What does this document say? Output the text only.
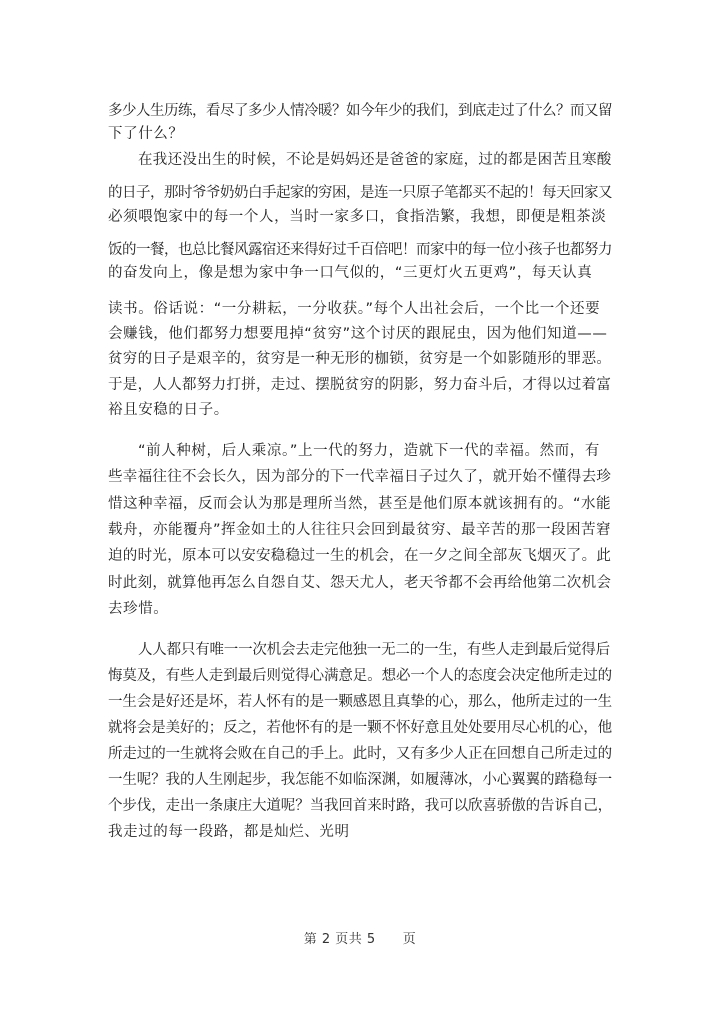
多少人生历练，看尽了多少人情冷暖？如今年少的我们，到底走过了什么？而又留
下了什么？
在我还没出生的时候，不论是妈妈还是爸爸的家庭，过的都是困苦且寒酸
的日子，那时爷爷奶奶白手起家的穷困，是连一只原子笔都买不起的！每天回家又
必须喂饱家中的每一个人，当时一家多口，食指浩繁，我想，即便是粗茶淡
饭的一餐，也总比餐风露宿还来得好过千百倍吧！而家中的每一位小孩子也都努力
的奋发向上，像是想为家中争一口气似的，“三更灯火五更鸡”，每天认真
读书。俗话说：“一分耕耘，一分收获。”每个人出社会后，一个比一个还要
会赚钱，他们都努力想要甩掉“贫穷”这个讨厌的跟屁虫，因为他们知道——
贫穷的日子是艰辛的，贫穷是一种无形的枷锁，贫穷是一个如影随形的罪恶。
于是，人人都努力打拼，走过、摆脱贫穷的阴影，努力奋斗后，才得以过着富
裕且安稳的日子。
“前人种树，后人乘凉。”上一代的努力，造就下一代的幸福。然而，有
些幸福往往不会长久，因为部分的下一代幸福日子过久了，就开始不懂得去珍
惜这种幸福，反而会认为那是理所当然，甚至是他们原本就该拥有的。“水能
载舟，亦能覆舟”挥金如土的人往往只会回到最贫穷、最辛苦的那一段困苦窘
迫的时光，原本可以安安稳稳过一生的机会，在一夕之间全部灰飞烟灭了。此
时此刻，就算他再怎么自怨自艾、怨天尤人，老天爷都不会再给他第二次机会
去珍惜。
人人都只有唯一一次机会去走完他独一无二的一生，有些人走到最后觉得后
悔莫及，有些人走到最后则觉得心满意足。想必一个人的态度会决定他所走过的
一生会是好还是坏，若人怀有的是一颗感恩且真挚的心，那么，他所走过的一生
就将会是美好的；反之，若他怀有的是一颗不怀好意且处处要用尽心机的心，他
所走过的一生就将会败在自己的手上。此时，又有多少人正在回想自己所走过的
一生呢？我的人生刚起步，我怎能不如临深渊，如履薄冰，小心翼翼的踏稳每一
个步伐，走出一条康庄大道呢？当我回首来时路，我可以欣喜骄傲的告诉自己，
我走过的每一段路，都是灿烂、光明
第 2 页共 5　　页
